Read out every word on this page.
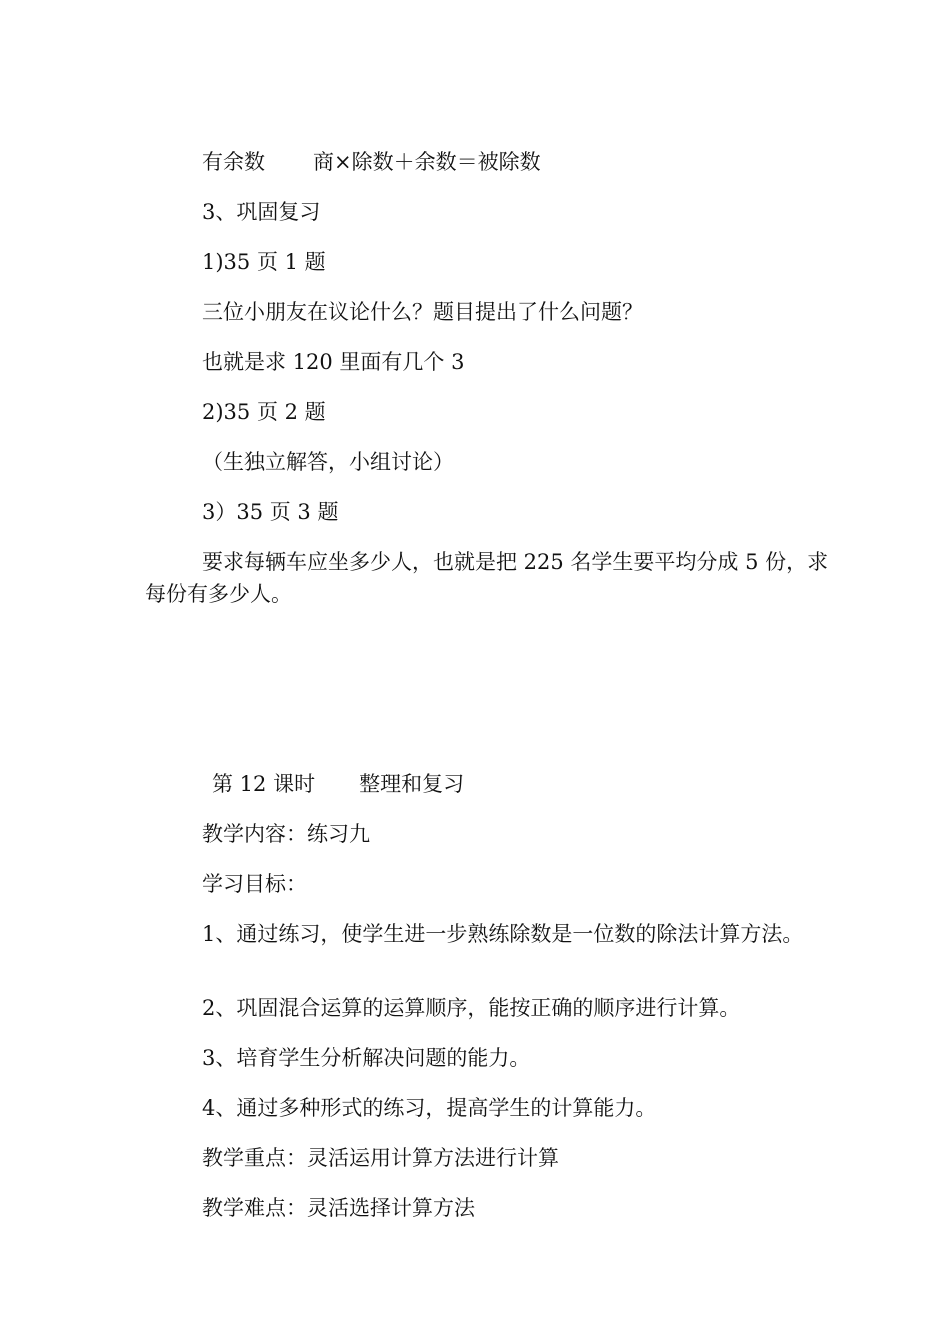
有余数 商×除数＋余数＝被除数

3、巩固复习

1)35 页 1 题

三位小朋友在议论什么？题目提出了什么问题？

也就是求 120 里面有几个 3

2)35 页 2 题

（生独立解答，小组讨论）

3）35 页 3 题

要求每辆车应坐多少人，也就是把 225 名学生要平均分成 5 份，求每份有多少人。

第 12 课时 整理和复习

教学内容：练习九

学习目标：

1、通过练习，使学生进一步熟练除数是一位数的除法计算方法。

2、巩固混合运算的运算顺序，能按正确的顺序进行计算。

3、培育学生分析解决问题的能力。

4、通过多种形式的练习，提高学生的计算能力。

教学重点：灵活运用计算方法进行计算

教学难点：灵活选择计算方法
